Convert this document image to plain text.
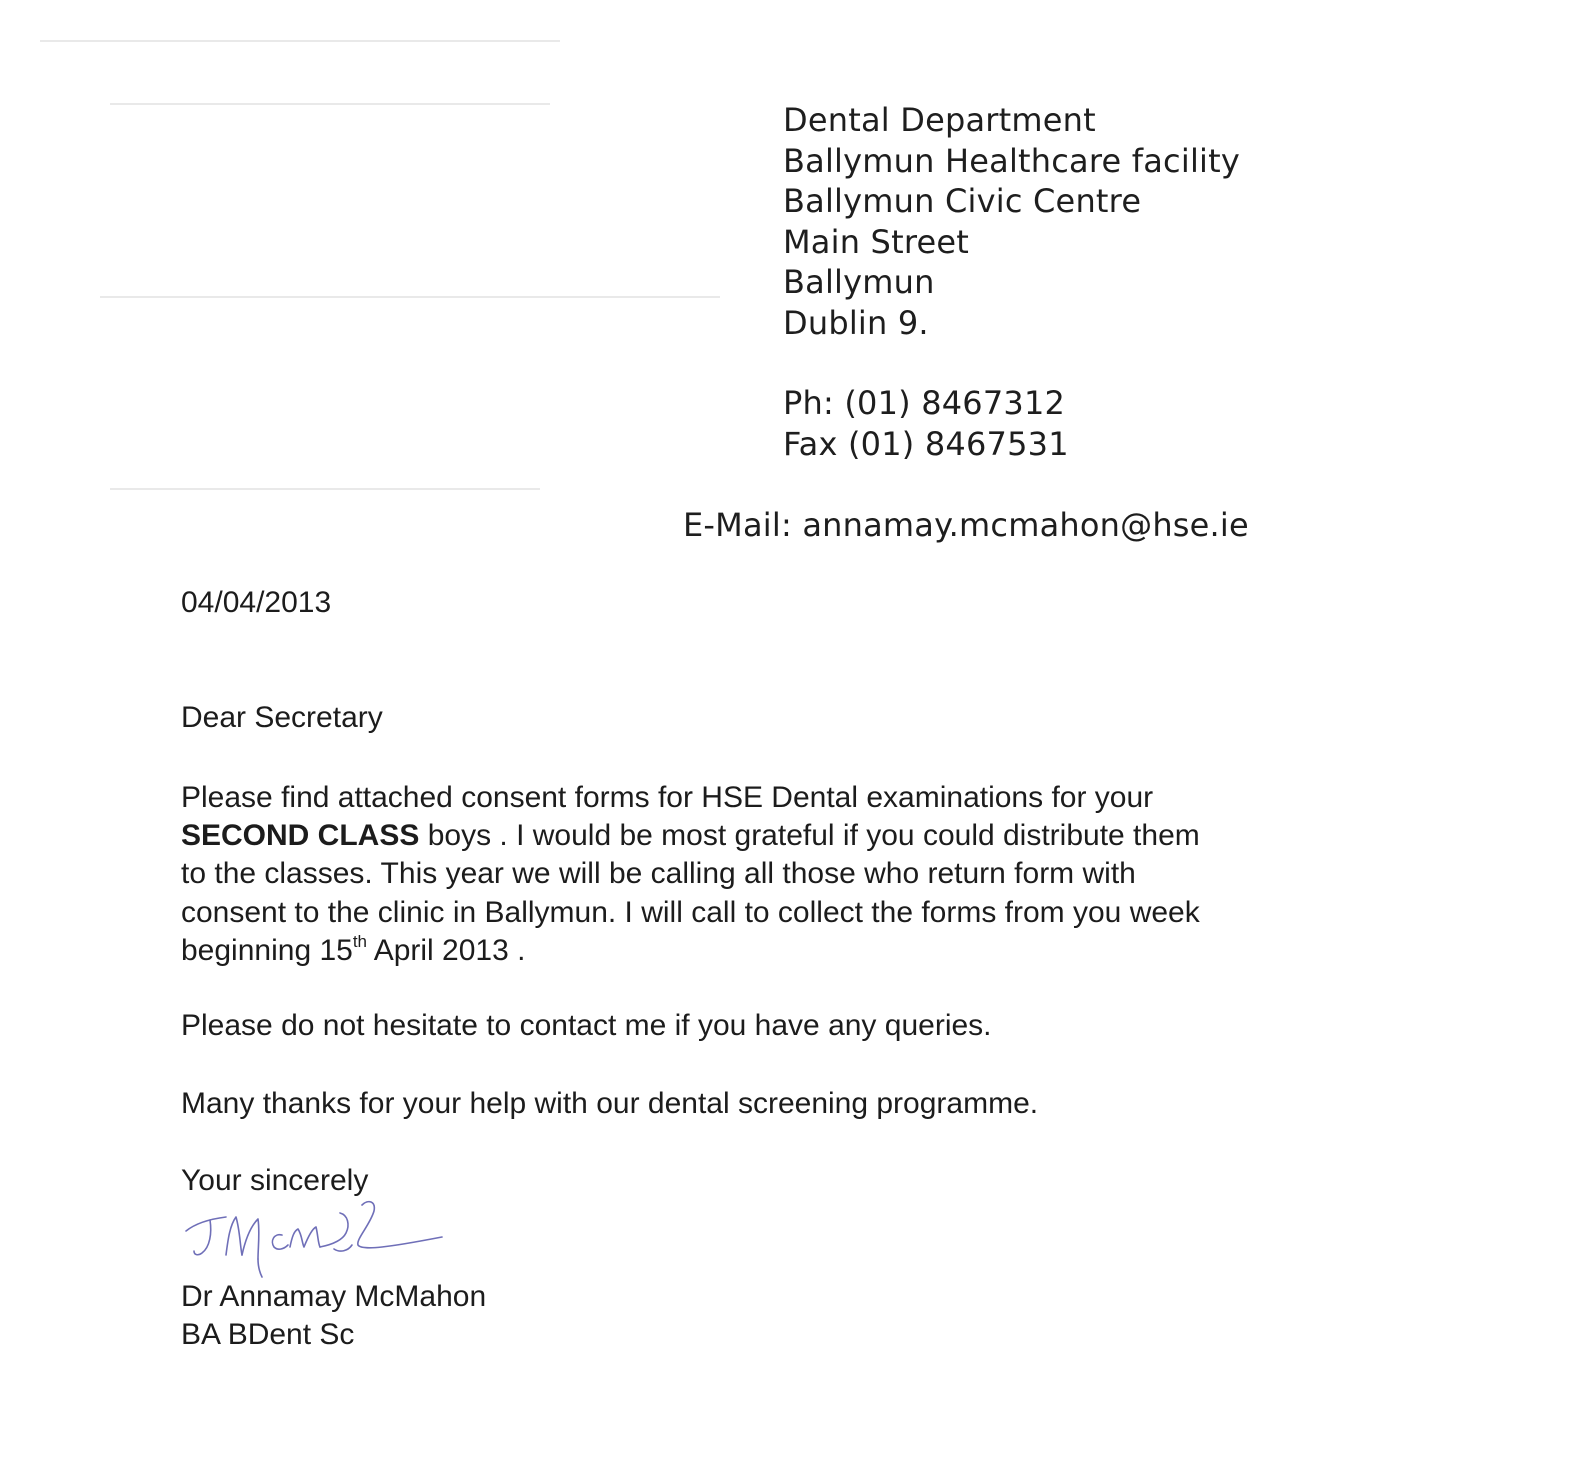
Dental Department
Ballymun Healthcare facility
Ballymun Civic Centre
Main Street
Ballymun
Dublin 9.
Ph: (01) 8467312
Fax (01) 8467531
E-Mail: annamay.mcmahon@hse.ie
04/04/2013
Dear Secretary
Please find attached consent forms for HSE Dental examinations for your
SECOND CLASS boys . I would be most grateful if you could distribute them
to the classes. This year we will be calling all those who return form with
consent to the clinic in Ballymun. I will call to collect the forms from you week
beginning 15th April 2013 .
Please do not hesitate to contact me if you have any queries.
Many thanks for your help with our dental screening programme.
Your sincerely
Dr Annamay McMahon
BA BDent Sc
